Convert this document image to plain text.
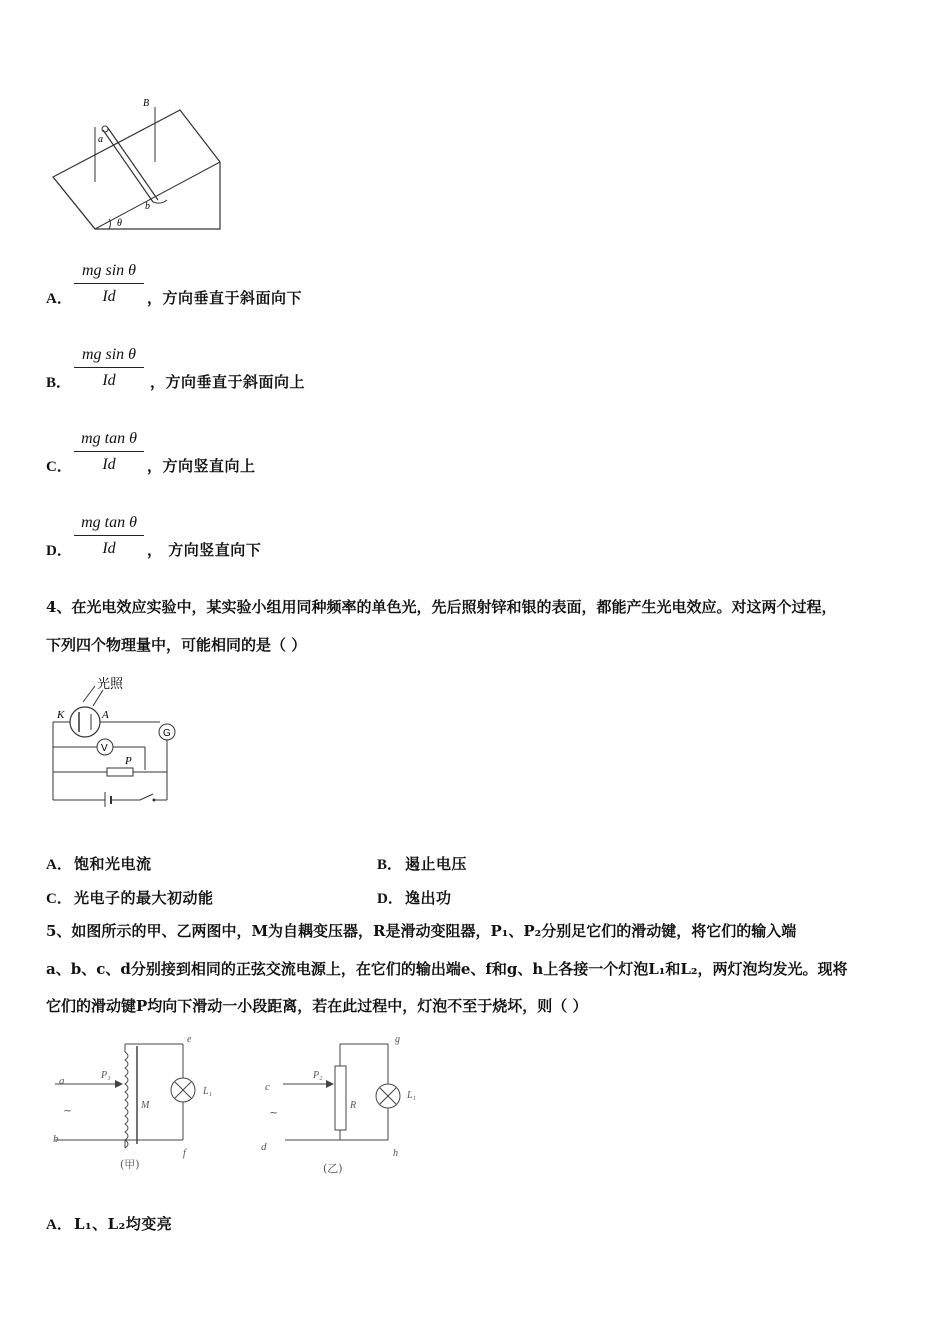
B
a
b
θ
A． $\frac{\text{mg sin θ}}{Id}$ ，方向垂直于斜面向下
B． $\frac{\text{mg sin θ}}{Id}$ ，方向垂直于斜面向上
C． $\frac{\text{mg tan θ}}{Id}$ ，方向竖直向上
D． $\frac{\text{mg tan θ}}{Id}$ ， 方向竖直向下
4、在光电效应实验中，某实验小组用同种频率的单色光，先后照射锌和银的表面，都能产生光电效应。对这两个过程，
下列四个物理量中，可能相同的是（ ）
光照
K	A
G
V
P
A． 饱和光电流	B． 遏止电压
C． 光电子的最大初动能	D． 逸出功
5、如图所示的甲、乙两图中，M为自耦变压器，R是滑动变阻器，P₁、P₂分别足它们的滑动键，将它们的输入端
a、b、c、d分别接到相同的正弦交流电源上，在它们的输出端e、f和g、h上各接一个灯泡L₁和L₂，两灯泡均发光。现将
它们的滑动键P均向下滑动一小段距离，若在此过程中，灯泡不至于烧坏，则（ ）
e
a	P₁
~	M
L₁
b
f
(甲)
g
c
P₂
~
R
L₁
d
h
(乙)
A． L₁、L₂均变亮
